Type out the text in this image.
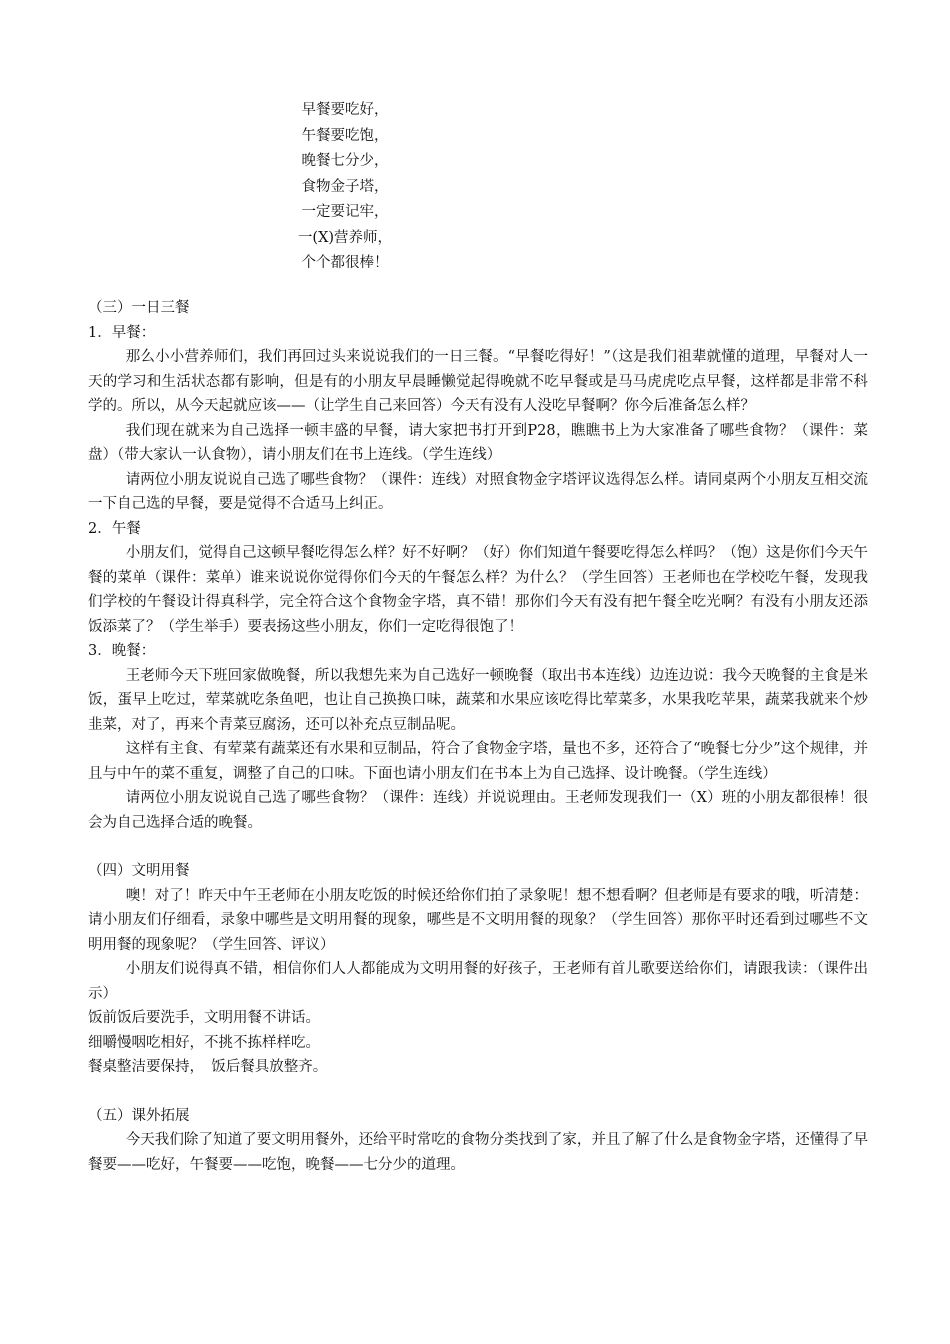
早餐要吃好，
午餐要吃饱，
晚餐七分少，
食物金子塔，
一定要记牢，
一(X)营养师，
个个都很棒！

（三）一日三餐

1．早餐：

那么小小营养师们，我们再回过头来说说我们的一日三餐。“早餐吃得好！”（这是我们祖辈就懂的道理，早餐对人一天的学习和生活状态都有影响，但是有的小朋友早晨睡懒觉起得晚就不吃早餐或是马马虎虎吃点早餐，这样都是非常不科学的。所以，从今天起就应该——（让学生自己来回答）今天有没有人没吃早餐啊？你今后准备怎么样？

我们现在就来为自己选择一顿丰盛的早餐，请大家把书打开到P28，瞧瞧书上为大家准备了哪些食物？（课件：菜盘）（带大家认一认食物），请小朋友们在书上连线。（学生连线）

请两位小朋友说说自己选了哪些食物？（课件：连线）对照食物金字塔评议选得怎么样。请同桌两个小朋友互相交流一下自己选的早餐，要是觉得不合适马上纠正。

2．午餐

小朋友们，觉得自己这顿早餐吃得怎么样？好不好啊？（好）你们知道午餐要吃得怎么样吗？（饱）这是你们今天午餐的菜单（课件：菜单）谁来说说你觉得你们今天的午餐怎么样？为什么？（学生回答）王老师也在学校吃午餐，发现我们学校的午餐设计得真科学，完全符合这个食物金字塔，真不错！那你们今天有没有把午餐全吃光啊？有没有小朋友还添饭添菜了？（学生举手）要表扬这些小朋友，你们一定吃得很饱了！

3．晚餐：

王老师今天下班回家做晚餐，所以我想先来为自己选好一顿晚餐（取出书本连线）边连边说：我今天晚餐的主食是米饭，蛋早上吃过，荤菜就吃条鱼吧，也让自己换换口味，蔬菜和水果应该吃得比荤菜多，水果我吃苹果，蔬菜我就来个炒韭菜，对了，再来个青菜豆腐汤，还可以补充点豆制品呢。

这样有主食、有荤菜有蔬菜还有水果和豆制品，符合了食物金字塔，量也不多，还符合了“晚餐七分少”这个规律，并且与中午的菜不重复，调整了自己的口味。下面也请小朋友们在书本上为自己选择、设计晚餐。（学生连线）

请两位小朋友说说自己选了哪些食物？（课件：连线）并说说理由。王老师发现我们一（X）班的小朋友都很棒！很会为自己选择合适的晚餐。

（四）文明用餐

噢！对了！昨天中午王老师在小朋友吃饭的时候还给你们拍了录象呢！想不想看啊？但老师是有要求的哦，听清楚：请小朋友们仔细看，录象中哪些是文明用餐的现象，哪些是不文明用餐的现象？（学生回答）那你平时还看到过哪些不文明用餐的现象呢？（学生回答、评议）

小朋友们说得真不错，相信你们人人都能成为文明用餐的好孩子，王老师有首儿歌要送给你们，请跟我读：（课件出示）

饭前饭后要洗手，文明用餐不讲话。

细嚼慢咽吃相好，不挑不拣样样吃。

餐桌整洁要保持，　饭后餐具放整齐。

（五）课外拓展

今天我们除了知道了要文明用餐外，还给平时常吃的食物分类找到了家，并且了解了什么是食物金字塔，还懂得了早餐要——吃好，午餐要——吃饱，晚餐——七分少的道理。
